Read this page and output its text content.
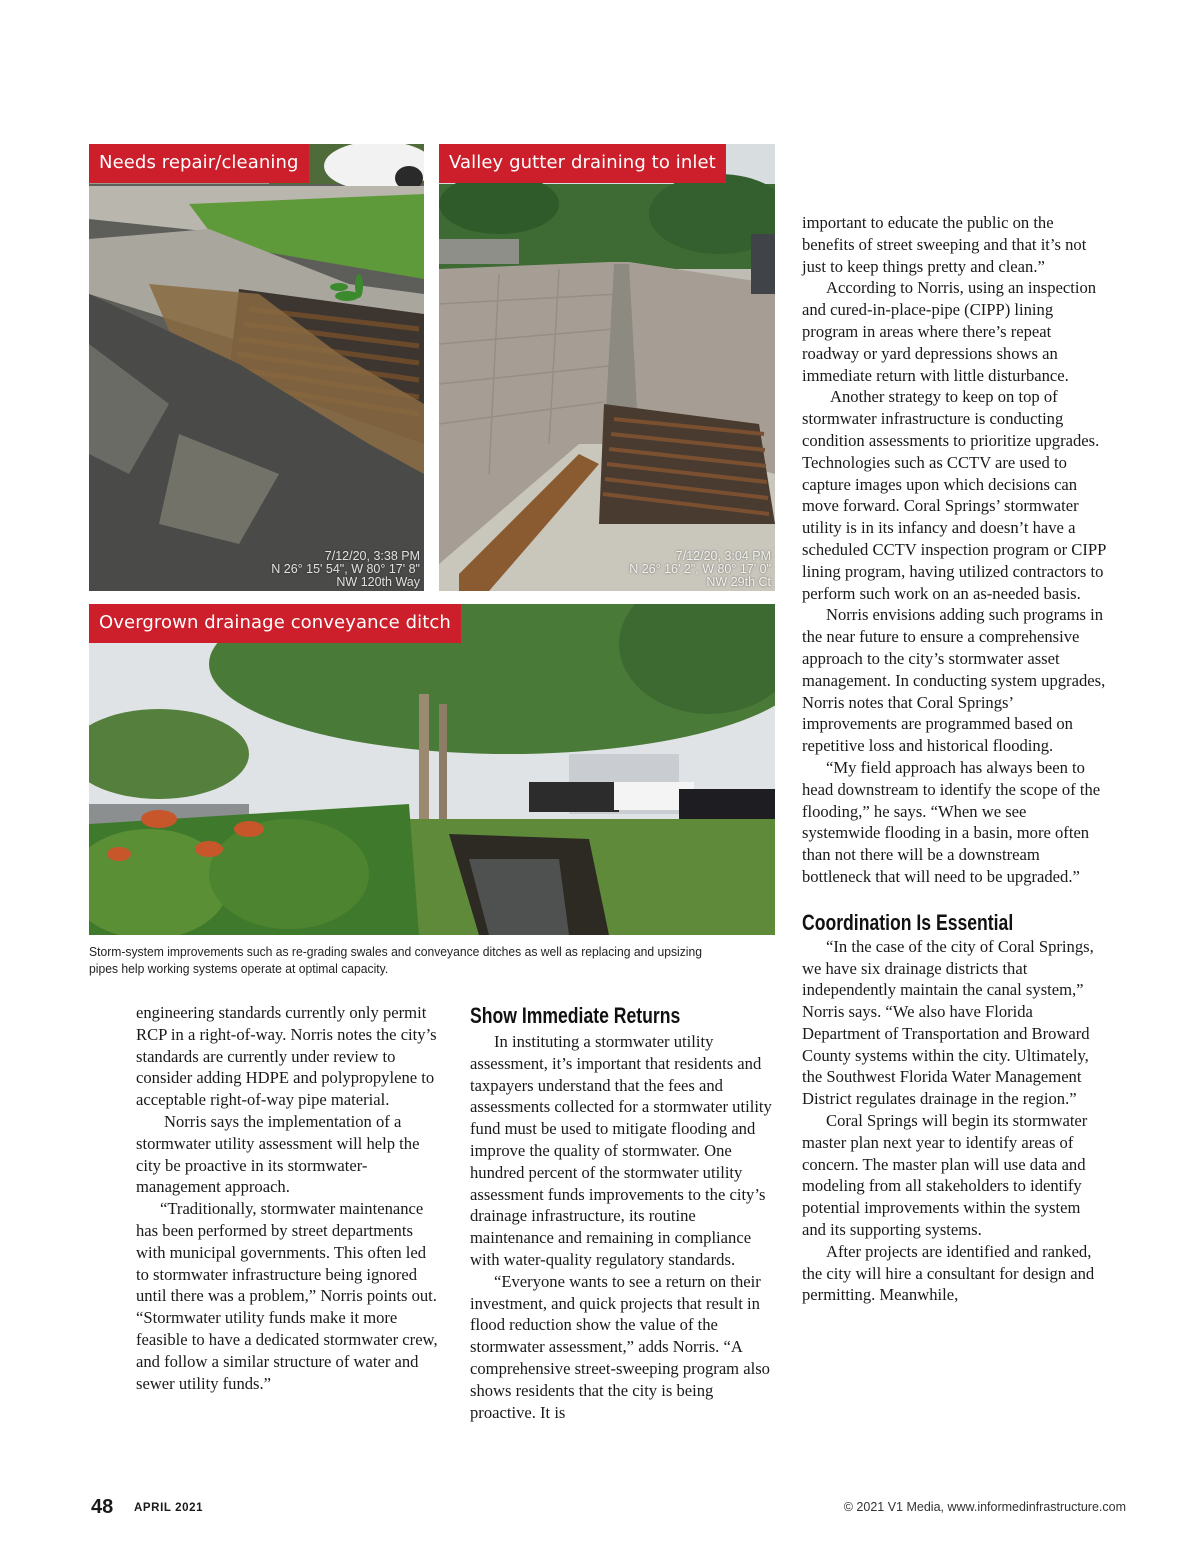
Needs repair/cleaning
7/12/20, 3:38 PM
N 26° 15' 54", W 80° 17' 8"
NW 120th Way
Valley gutter draining to inlet
7/12/20, 3:04 PM
N 26° 16' 2", W 80° 17' 0"
NW 29th Ct
Overgrown drainage conveyance ditch
Storm-system improvements such as re-grading swales and conveyance ditches as well as replacing and upsizing pipes help working systems operate at optimal capacity.

engineering standards currently only permit RCP in a right-of-way. Norris notes the city’s standards are currently under review to consider adding HDPE and polypropylene to acceptable right-of-way pipe material.

Norris says the implementation of a stormwater utility assessment will help the city be proactive in its stormwater-management approach.

“Traditionally, stormwater maintenance has been performed by street departments with municipal governments. This often led to stormwater infrastructure being ignored until there was a problem,” Norris points out. “Stormwater utility funds make it more feasible to have a dedicated stormwater crew, and follow a similar structure of water and sewer utility funds.”

Show Immediate Returns

In instituting a stormwater utility assessment, it’s important that residents and taxpayers understand that the fees and assessments collected for a stormwater utility fund must be used to mitigate flooding and improve the quality of stormwater. One hundred percent of the stormwater utility assessment funds improvements to the city’s drainage infrastructure, its routine maintenance and remaining in compliance with water-quality regulatory standards.

“Everyone wants to see a return on their investment, and quick projects that result in flood reduction show the value of the stormwater assessment,” adds Norris. “A comprehensive street-sweeping program also shows residents that the city is being proactive. It is

important to educate the public on the benefits of street sweeping and that it’s not just to keep things pretty and clean.”

According to Norris, using an inspection and cured-in-place-pipe (CIPP) lining program in areas where there’s repeat roadway or yard depressions shows an immediate return with little disturbance.

Another strategy to keep on top of stormwater infrastructure is conducting condition assessments to prioritize upgrades. Technologies such as CCTV are used to capture images upon which decisions can move forward. Coral Springs’ stormwater utility is in its infancy and doesn’t have a scheduled CCTV inspection program or CIPP lining program, having utilized contractors to perform such work on an as-needed basis.

Norris envisions adding such programs in the near future to ensure a comprehensive approach to the city’s stormwater asset management. In conducting system upgrades, Norris notes that Coral Springs’ improvements are programmed based on repetitive loss and historical flooding.

“My field approach has always been to head downstream to identify the scope of the flooding,” he says. “When we see systemwide flooding in a basin, more often than not there will be a downstream bottleneck that will need to be upgraded.”

Coordination Is Essential

“In the case of the city of Coral Springs, we have six drainage districts that independently maintain the canal system,” Norris says. “We also have Florida Department of Transportation and Broward County systems within the city. Ultimately, the Southwest Florida Water Management District regulates drainage in the region.”

Coral Springs will begin its stormwater master plan next year to identify areas of concern. The master plan will use data and modeling from all stakeholders to identify potential improvements within the system and its supporting systems.

After projects are identified and ranked, the city will hire a consultant for design and permitting. Meanwhile,

48 APRIL 2021	© 2021 V1 Media, www.informedinfrastructure.com
